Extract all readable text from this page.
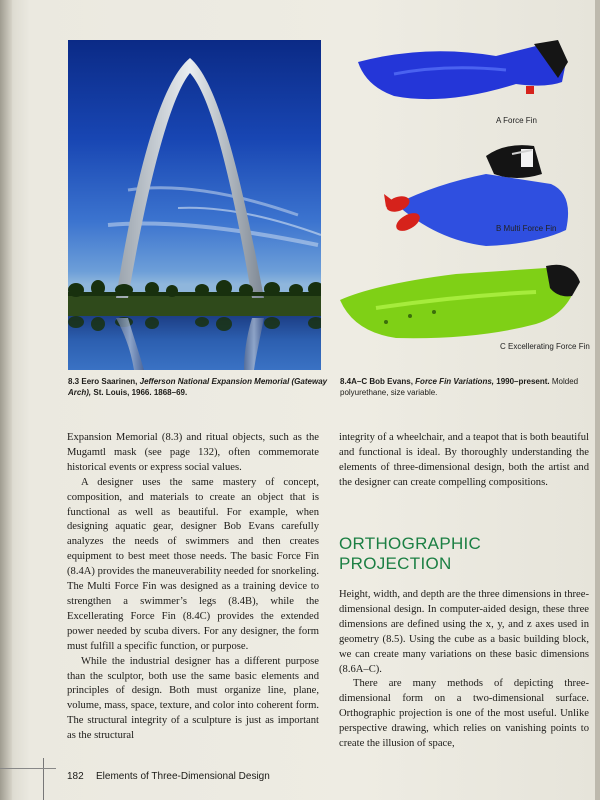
8.3 Eero Saarinen, Jefferson National Expansion Memorial (Gateway Arch), St. Louis, 1966. 1868–69.
A Force Fin
B Multi Force Fin
C Excellerating Force Fin
8.4A–C Bob Evans, Force Fin Variations, 1990–present. Molded polyurethane, size variable.

Expansion Memorial (8.3) and ritual objects, such as the Mugamtl mask (see page 132), often commemorate historical events or express social values.

A designer uses the same mastery of concept, composition, and materials to create an object that is functional as well as beautiful. For example, when designing aquatic gear, designer Bob Evans carefully analyzes the needs of swimmers and then creates equipment to best meet those needs. The basic Force Fin (8.4A) provides the maneuverability needed for snorkeling. The Multi Force Fin was designed as a training device to strengthen a swimmer’s legs (8.4B), while the Excellerating Force Fin (8.4C) provides the extended power needed by scuba divers. For any designer, the form must fulfill a specific function, or purpose.

While the industrial designer has a different purpose than the sculptor, both use the same basic elements and principles of design. Both must organize line, plane, volume, mass, space, texture, and color into coherent form. The structural integrity of a sculpture is just as important as the structural

integrity of a wheelchair, and a teapot that is both beautiful and functional is ideal. By thoroughly understanding the elements of three-dimensional design, both the artist and the designer can create compelling compositions.

ORTHOGRAPHIC
PROJECTION

Height, width, and depth are the three dimensions in three-dimensional design. In computer-aided design, these three dimensions are defined using the x, y, and z axes used in geometry (8.5). Using the cube as a basic building block, we can create many variations on these basic dimensions (8.6A–C).

There are many methods of depicting three-dimensional form on a two-dimensional surface. Orthographic projection is one of the most useful. Unlike perspective drawing, which relies on vanishing points to create the illusion of space,

182 Elements of Three-Dimensional Design
